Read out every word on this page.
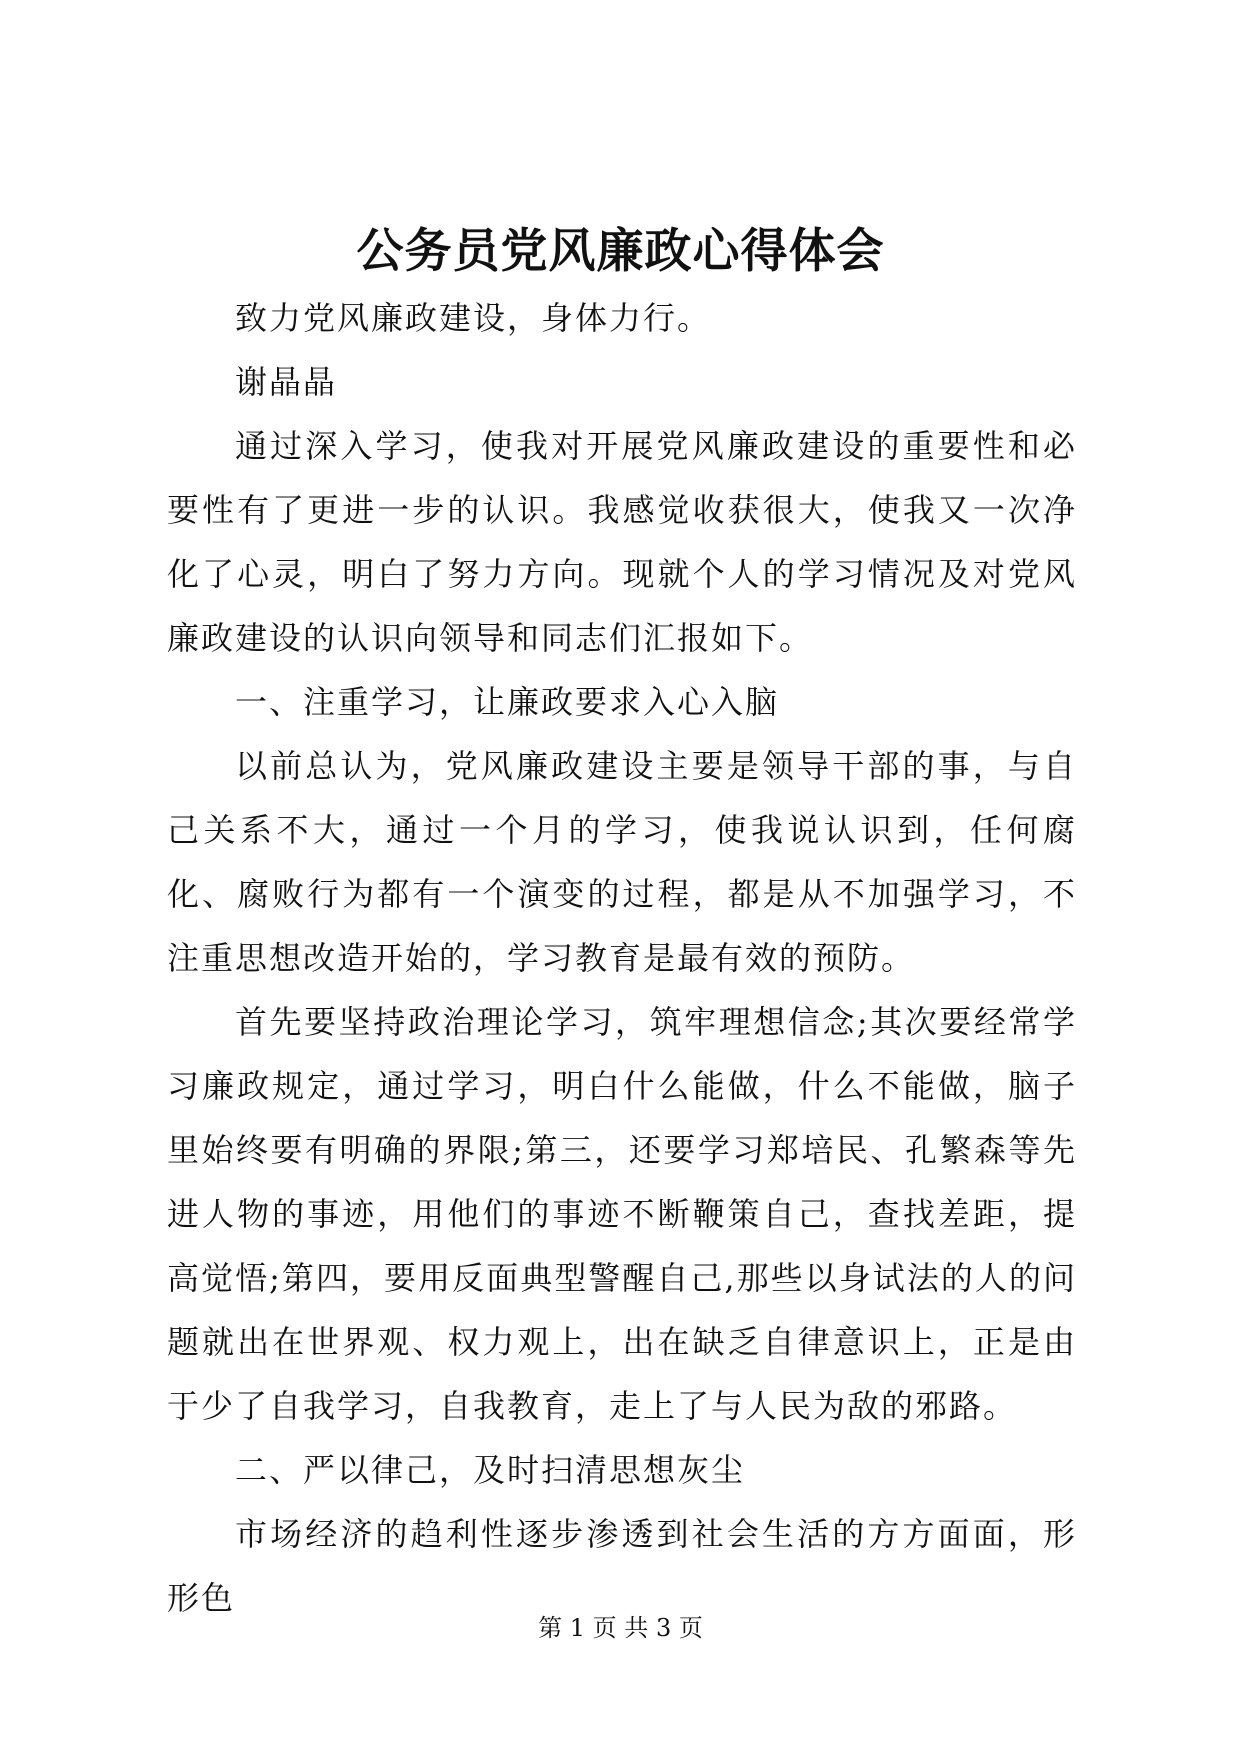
公务员党风廉政心得体会

致力党风廉政建设，身体力行。

谢晶晶

通过深入学习，使我对开展党风廉政建设的重要性和必要性有了更进一步的认识。我感觉收获很大，使我又一次净化了心灵，明白了努力方向。现就个人的学习情况及对党风廉政建设的认识向领导和同志们汇报如下。

一、注重学习，让廉政要求入心入脑

以前总认为，党风廉政建设主要是领导干部的事，与自己关系不大，通过一个月的学习，使我说认识到，任何腐化、腐败行为都有一个演变的过程，都是从不加强学习，不注重思想改造开始的，学习教育是最有效的预防。

首先要坚持政治理论学习，筑牢理想信念;其次要经常学习廉政规定，通过学习，明白什么能做，什么不能做，脑子里始终要有明确的界限;第三，还要学习郑培民、孔繁森等先进人物的事迹，用他们的事迹不断鞭策自己，查找差距，提高觉悟;第四，要用反面典型警醒自己,那些以身试法的人的问题就出在世界观、权力观上，出在缺乏自律意识上，正是由于少了自我学习，自我教育，走上了与人民为敌的邪路。

二、严以律己，及时扫清思想灰尘

市场经济的趋利性逐步渗透到社会生活的方方面面，形形色

第 1 页 共 3 页
